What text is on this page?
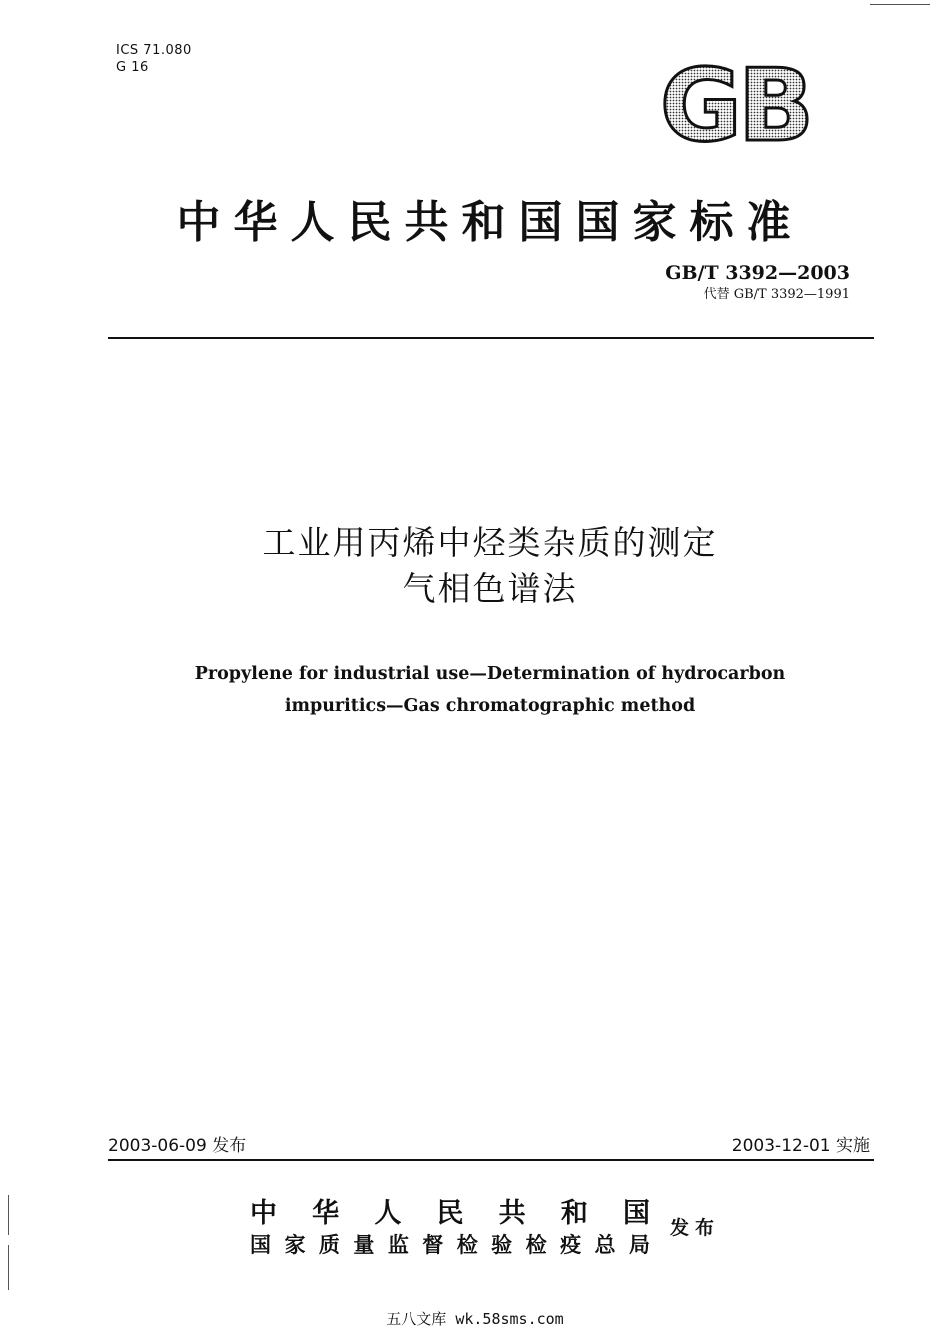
ICS 71.080
G 16	GB
中华人民共和国国家标准
GB/T 3392—2003
代替 GB/T 3392—1991
工业用丙烯中烃类杂质的测定
气相色谱法
Propylene for industrial use—Determination of hydrocarbon
impuritics—Gas chromatographic method
2003-06-09 发布	2003-12-01 实施
中华人民共和国
国家质量监督检验检疫总局
发布
五八文库 wk.58sms.com
